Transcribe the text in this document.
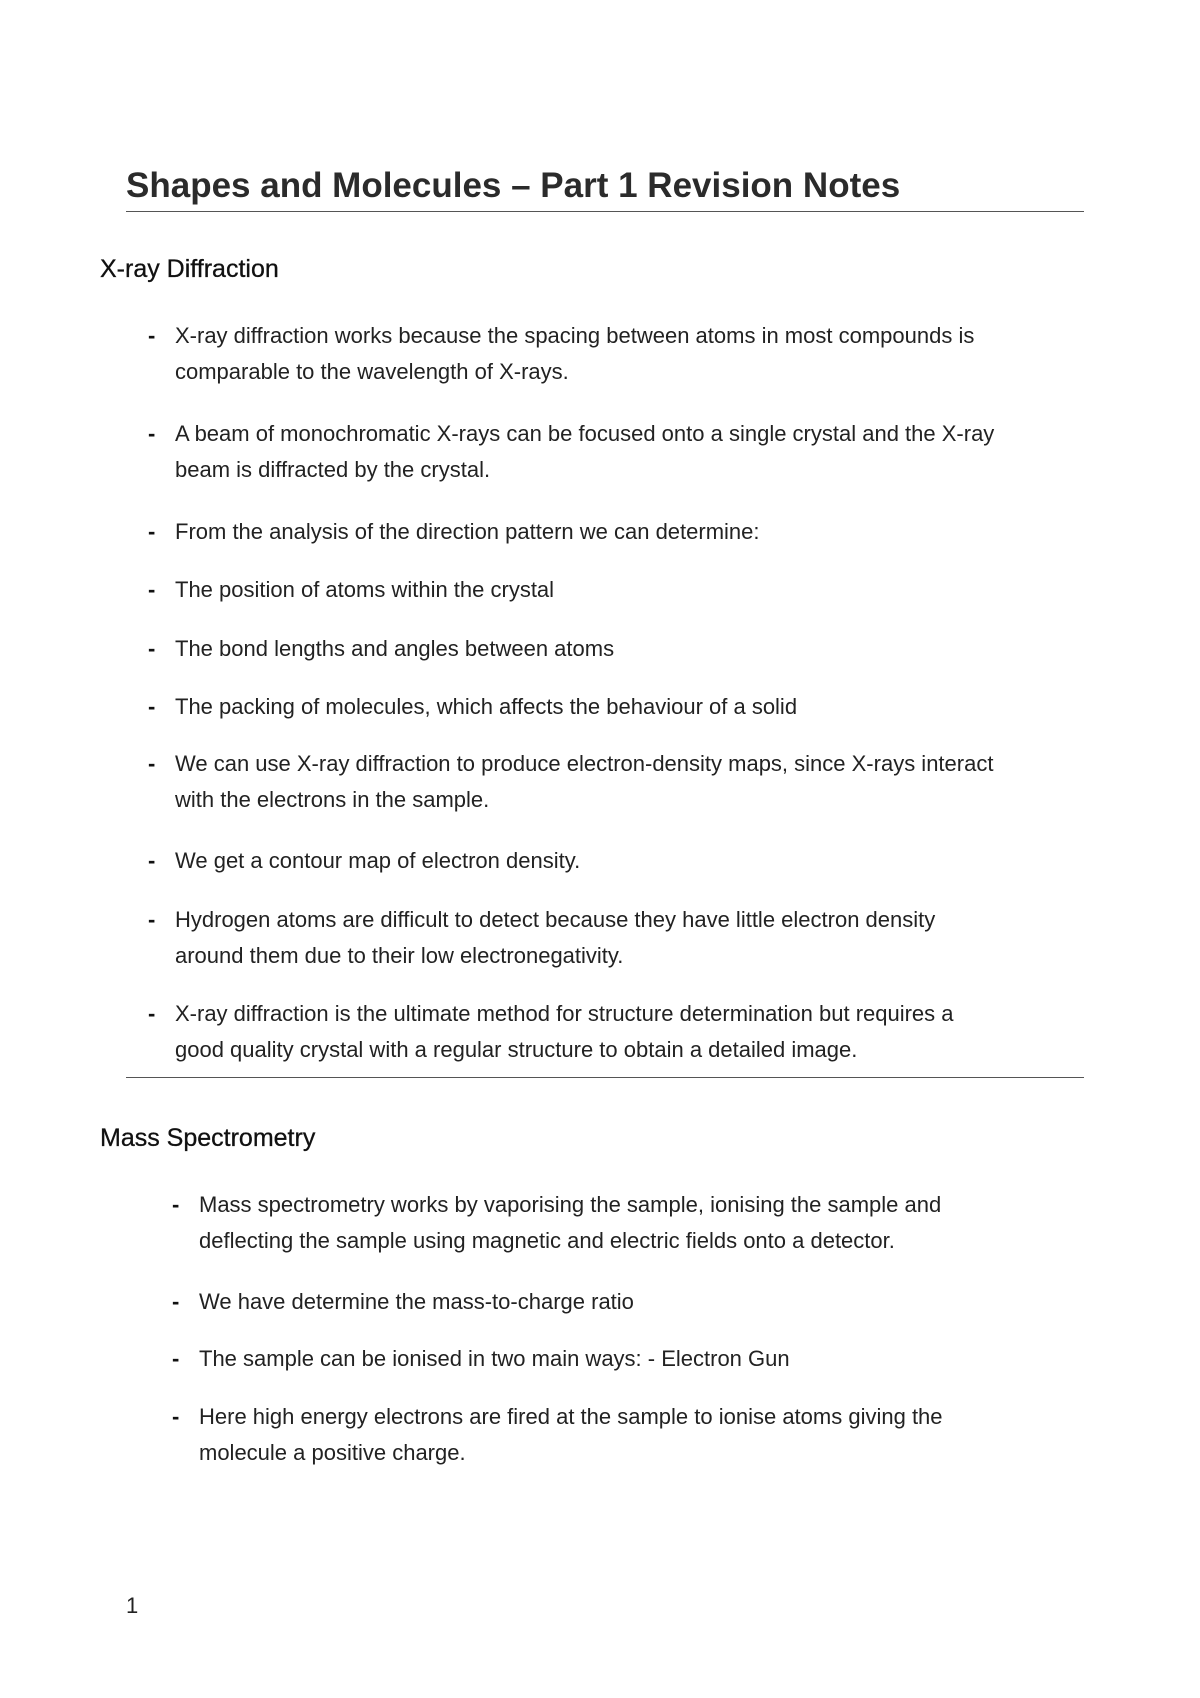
Shapes and Molecules – Part 1 Revision Notes
X-ray Diffraction
- X-ray diffraction works because the spacing between atoms in most compounds is
comparable to the wavelength of X-rays.
- A beam of monochromatic X-rays can be focused onto a single crystal and the X-ray
beam is diffracted by the crystal.
- From the analysis of the direction pattern we can determine:
- The position of atoms within the crystal
- The bond lengths and angles between atoms
- The packing of molecules, which affects the behaviour of a solid
- We can use X-ray diffraction to produce electron-density maps, since X-rays interact
with the electrons in the sample.
- We get a contour map of electron density.
- Hydrogen atoms are difficult to detect because they have little electron density
around them due to their low electronegativity.
- X-ray diffraction is the ultimate method for structure determination but requires a
good quality crystal with a regular structure to obtain a detailed image.
Mass Spectrometry
- Mass spectrometry works by vaporising the sample, ionising the sample and
deflecting the sample using magnetic and electric fields onto a detector.
- We have determine the mass-to-charge ratio
- The sample can be ionised in two main ways: - Electron Gun
- Here high energy electrons are fired at the sample to ionise atoms giving the
molecule a positive charge.
1
